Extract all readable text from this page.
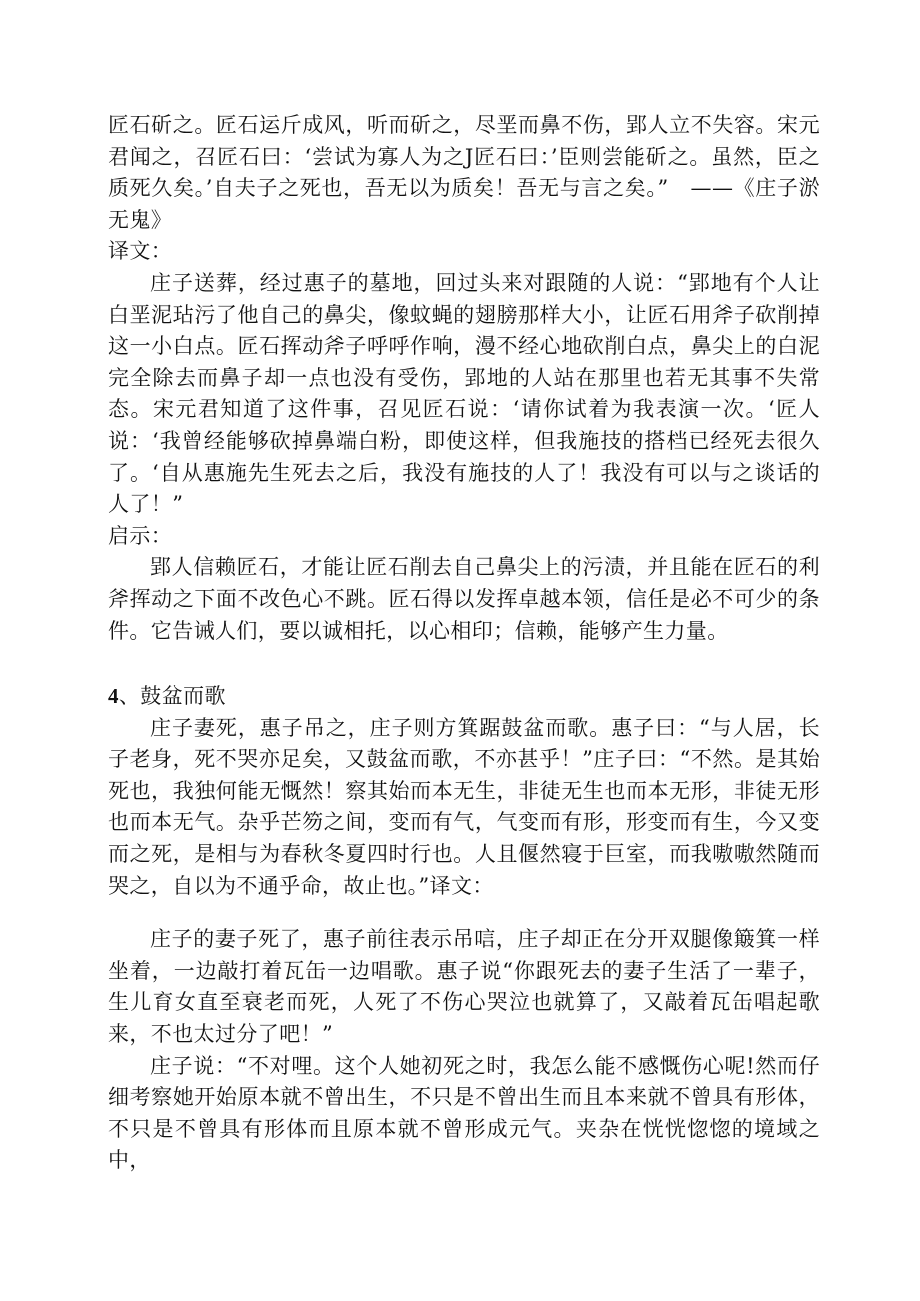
匠石斫之。匠石运斤成风，听而斫之，尽垩而鼻不伤，郢人立不失容。宋元君闻之，召匠石曰：‘尝试为寡人为之J匠石曰：’臣则尝能斫之。虽然，臣之质死久矣。’自夫子之死也，吾无以为质矣！吾无与言之矣。”　——《庄子淤无鬼》

译文：

庄子送葬，经过惠子的墓地，回过头来对跟随的人说：“郢地有个人让白垩泥玷污了他自己的鼻尖，像蚊蝇的翅膀那样大小，让匠石用斧子砍削掉这一小白点。匠石挥动斧子呼呼作响，漫不经心地砍削白点，鼻尖上的白泥完全除去而鼻子却一点也没有受伤，郢地的人站在那里也若无其事不失常态。宋元君知道了这件事，召见匠石说：‘请你试着为我表演一次。‘匠人说：‘我曾经能够砍掉鼻端白粉，即使这样，但我施技的搭档已经死去很久了。‘自从惠施先生死去之后，我没有施技的人了！我没有可以与之谈话的人了！”

启示：

郢人信赖匠石，才能让匠石削去自己鼻尖上的污渍，并且能在匠石的利斧挥动之下面不改色心不跳。匠石得以发挥卓越本领，信任是必不可少的条件。它告诫人们，要以诚相托，以心相印；信赖，能够产生力量。

4、鼓盆而歌

庄子妻死，惠子吊之，庄子则方箕踞鼓盆而歌。惠子曰：“与人居，长子老身，死不哭亦足矣，又鼓盆而歌，不亦甚乎！”庄子曰：“不然。是其始死也，我独何能无慨然！察其始而本无生，非徒无生也而本无形，非徒无形也而本无气。杂乎芒笏之间，变而有气，气变而有形，形变而有生，今又变而之死，是相与为春秋冬夏四时行也。人且偃然寝于巨室，而我嗷嗷然随而哭之，自以为不通乎命，故止也。”译文：

庄子的妻子死了，惠子前往表示吊唁，庄子却正在分开双腿像簸箕一样坐着，一边敲打着瓦缶一边唱歌。惠子说“你跟死去的妻子生活了一辈子，生儿育女直至衰老而死，人死了不伤心哭泣也就算了，又敲着瓦缶唱起歌来，不也太过分了吧！”

庄子说：“不对哩。这个人她初死之时，我怎么能不感慨伤心呢!然而仔细考察她开始原本就不曾出生，不只是不曾出生而且本来就不曾具有形体，不只是不曾具有形体而且原本就不曾形成元气。夹杂在恍恍惚惚的境域之中，
